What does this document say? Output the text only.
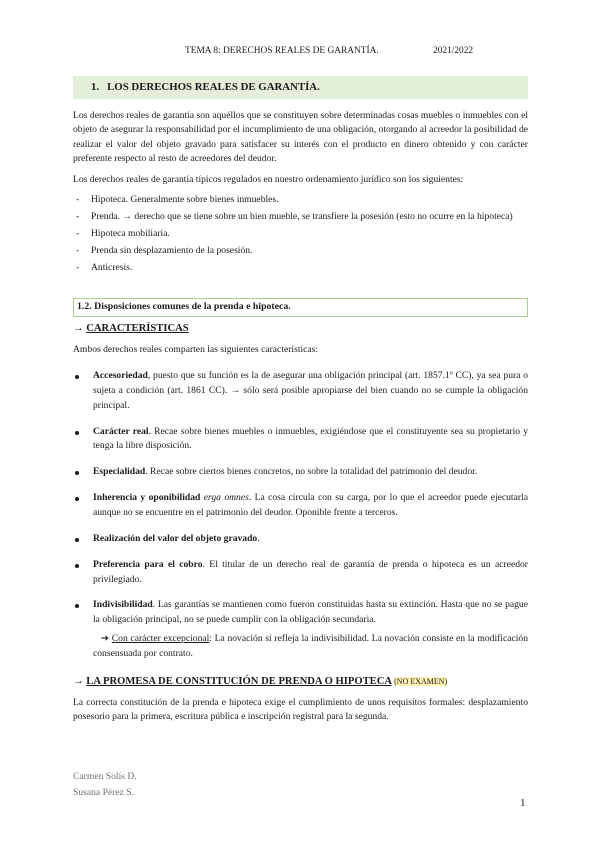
TEMA 8: DERECHOS REALES DE GARANTÍA.	2021/2022
1. LOS DERECHOS REALES DE GARANTÍA.

Los derechos reales de garantía son aquéllos que se constituyen sobre determinadas cosas muebles o inmuebles con el objeto de asegurar la responsabilidad por el incumplimiento de una obligación, otorgando al acreedor la posibilidad de realizar el valor del objeto gravado para satisfacer su interés con el producto en dinero obtenido y con carácter preferente respecto al resto de acreedores del deudor.

Los derechos reales de garantía típicos regulados en nuestro ordenamiento jurídico son los siguientes:

- Hipoteca. Generalmente sobre bienes inmuebles.
- Prenda. → derecho que se tiene sobre un bien mueble, se transfiere la posesión (esto no ocurre en la hipoteca)
- Hipoteca mobiliaria.
- Prenda sin desplazamiento de la posesión.
- Anticresis.
1.2. Disposiciones comunes de la prenda e hipoteca.
→ CARACTERÍSTICAS

Ambos derechos reales comparten las siguientes características:

Accesoriedad, puesto que su función es la de asegurar una obligación principal (art. 1857.1º CC), ya sea pura o sujeta a condición (art. 1861 CC). → sólo será posible apropiarse del bien cuando no se cumple la obligación principal.
Carácter real. Recae sobre bienes muebles o inmuebles, exigiéndose que el constituyente sea su propietario y tenga la libre disposición.
Especialidad. Recae sobre ciertos bienes concretos, no sobre la totalidad del patrimonio del deudor.
Inherencia y oponibilidad erga omnes. La cosa circula con su carga, por lo que el acreedor puede ejecutarla aunque no se encuentre en el patrimonio del deudor. Oponible frente a terceros.
Realización del valor del objeto gravado.
Preferencia para el cobro. El titular de un derecho real de garantía de prenda o hipoteca es un acreedor privilegiado.
Indivisibilidad. Las garantías se mantienen como fueron constituidas hasta su extinción. Hasta que no se pague la obligación principal, no se puede cumplir con la obligación secundaria.
➔ Con carácter excepcional: La novación sí refleja la indivisibilidad. La novación consiste en la modificación consensuada por contrato.
→ LA PROMESA DE CONSTITUCIÓN DE PRENDA O HIPOTECA (NO EXAMEN)

La correcta constitución de la prenda e hipoteca exige el cumplimiento de unos requisitos formales: desplazamiento posesorio para la primera, escritura pública e inscripción registral para la segunda.

Carmen Solís D.
Susana Pérez S.
1
